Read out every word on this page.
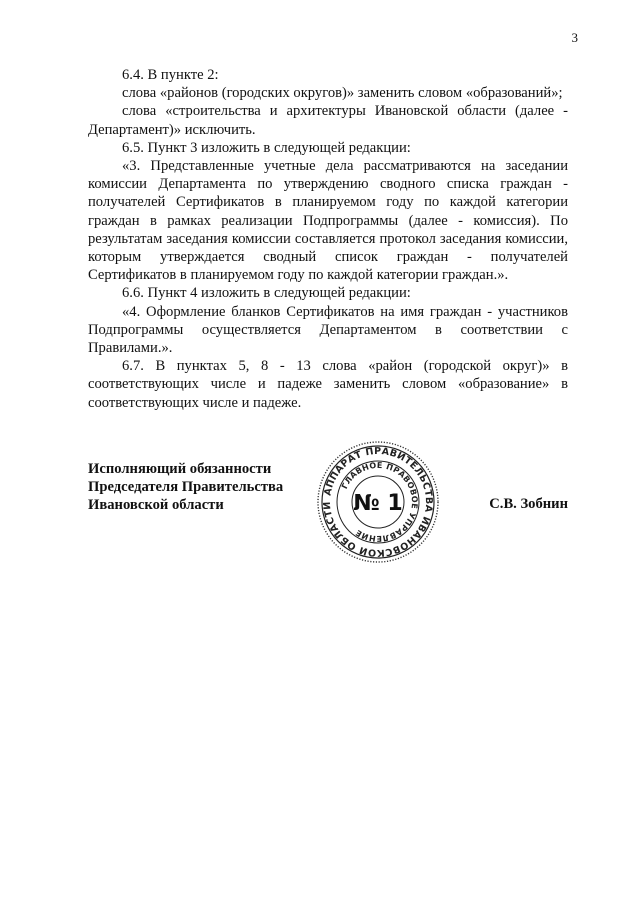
3

6.4. В пункте 2:

слова «районов (городских округов)» заменить словом «образований»;

слова «строительства и архитектуры Ивановской области (далее - Департамент)» исключить.

6.5. Пункт 3 изложить в следующей редакции:

«3. Представленные учетные дела рассматриваются на заседании комиссии Департамента по утверждению сводного списка граждан - получателей Сертификатов в планируемом году по каждой категории граждан в рамках реализации Подпрограммы (далее - комиссия). По результатам заседания комиссии составляется протокол заседания комиссии, которым утверждается сводный список граждан - получателей Сертификатов в планируемом году по каждой категории граждан.».

6.6. Пункт 4 изложить в следующей редакции:

«4. Оформление бланков Сертификатов на имя граждан - участников Подпрограммы осуществляется Департаментом в соответствии с Правилами.».

6.7. В пунктах 5, 8 - 13 слова «район (городской округ)» в соответствующих числе и падеже заменить словом «образование» в соответствующих числе и падеже.

Исполняющий обязанности
Председателя Правительства
Ивановской области
АППАРАТ ПРАВИТЕЛЬСТВА ИВАНОВСКОЙ ОБЛАСТИ
ГЛАВНОЕ ПРАВОВОЕ УПРАВЛЕНИЕ
№ 1	С.В. Зобнин
